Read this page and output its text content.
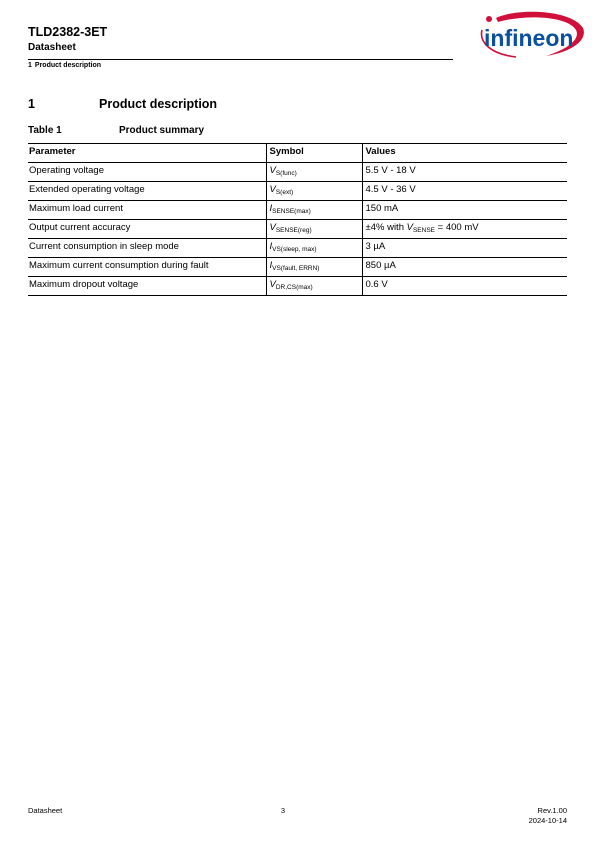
TLD2382-3ET
Datasheet
1 Product description
infineon
1	Product description
Table 1	Product summary
Parameter	Symbol	Values
Operating voltage	$V_{S(func)}$	5.5 V - 18 V
Extended operating voltage	$V_{S(ext)}$	4.5 V - 36 V
Maximum load current	$I_{SENSE(max)}$	150 mA
Output current accuracy	$V_{SENSE(reg)}$	±4% with $V_{SENSE} = 400$ mV
Current consumption in sleep mode	$I_{VS(sleep, max)}$	3 µA
Maximum current consumption during fault	$I_{VS(fault, ERRN)}$	850 µA
Maximum dropout voltage	$V_{DR,CS(max)}$	0.6 V
Datasheet	3	Rev.1.00
2024-10-14
